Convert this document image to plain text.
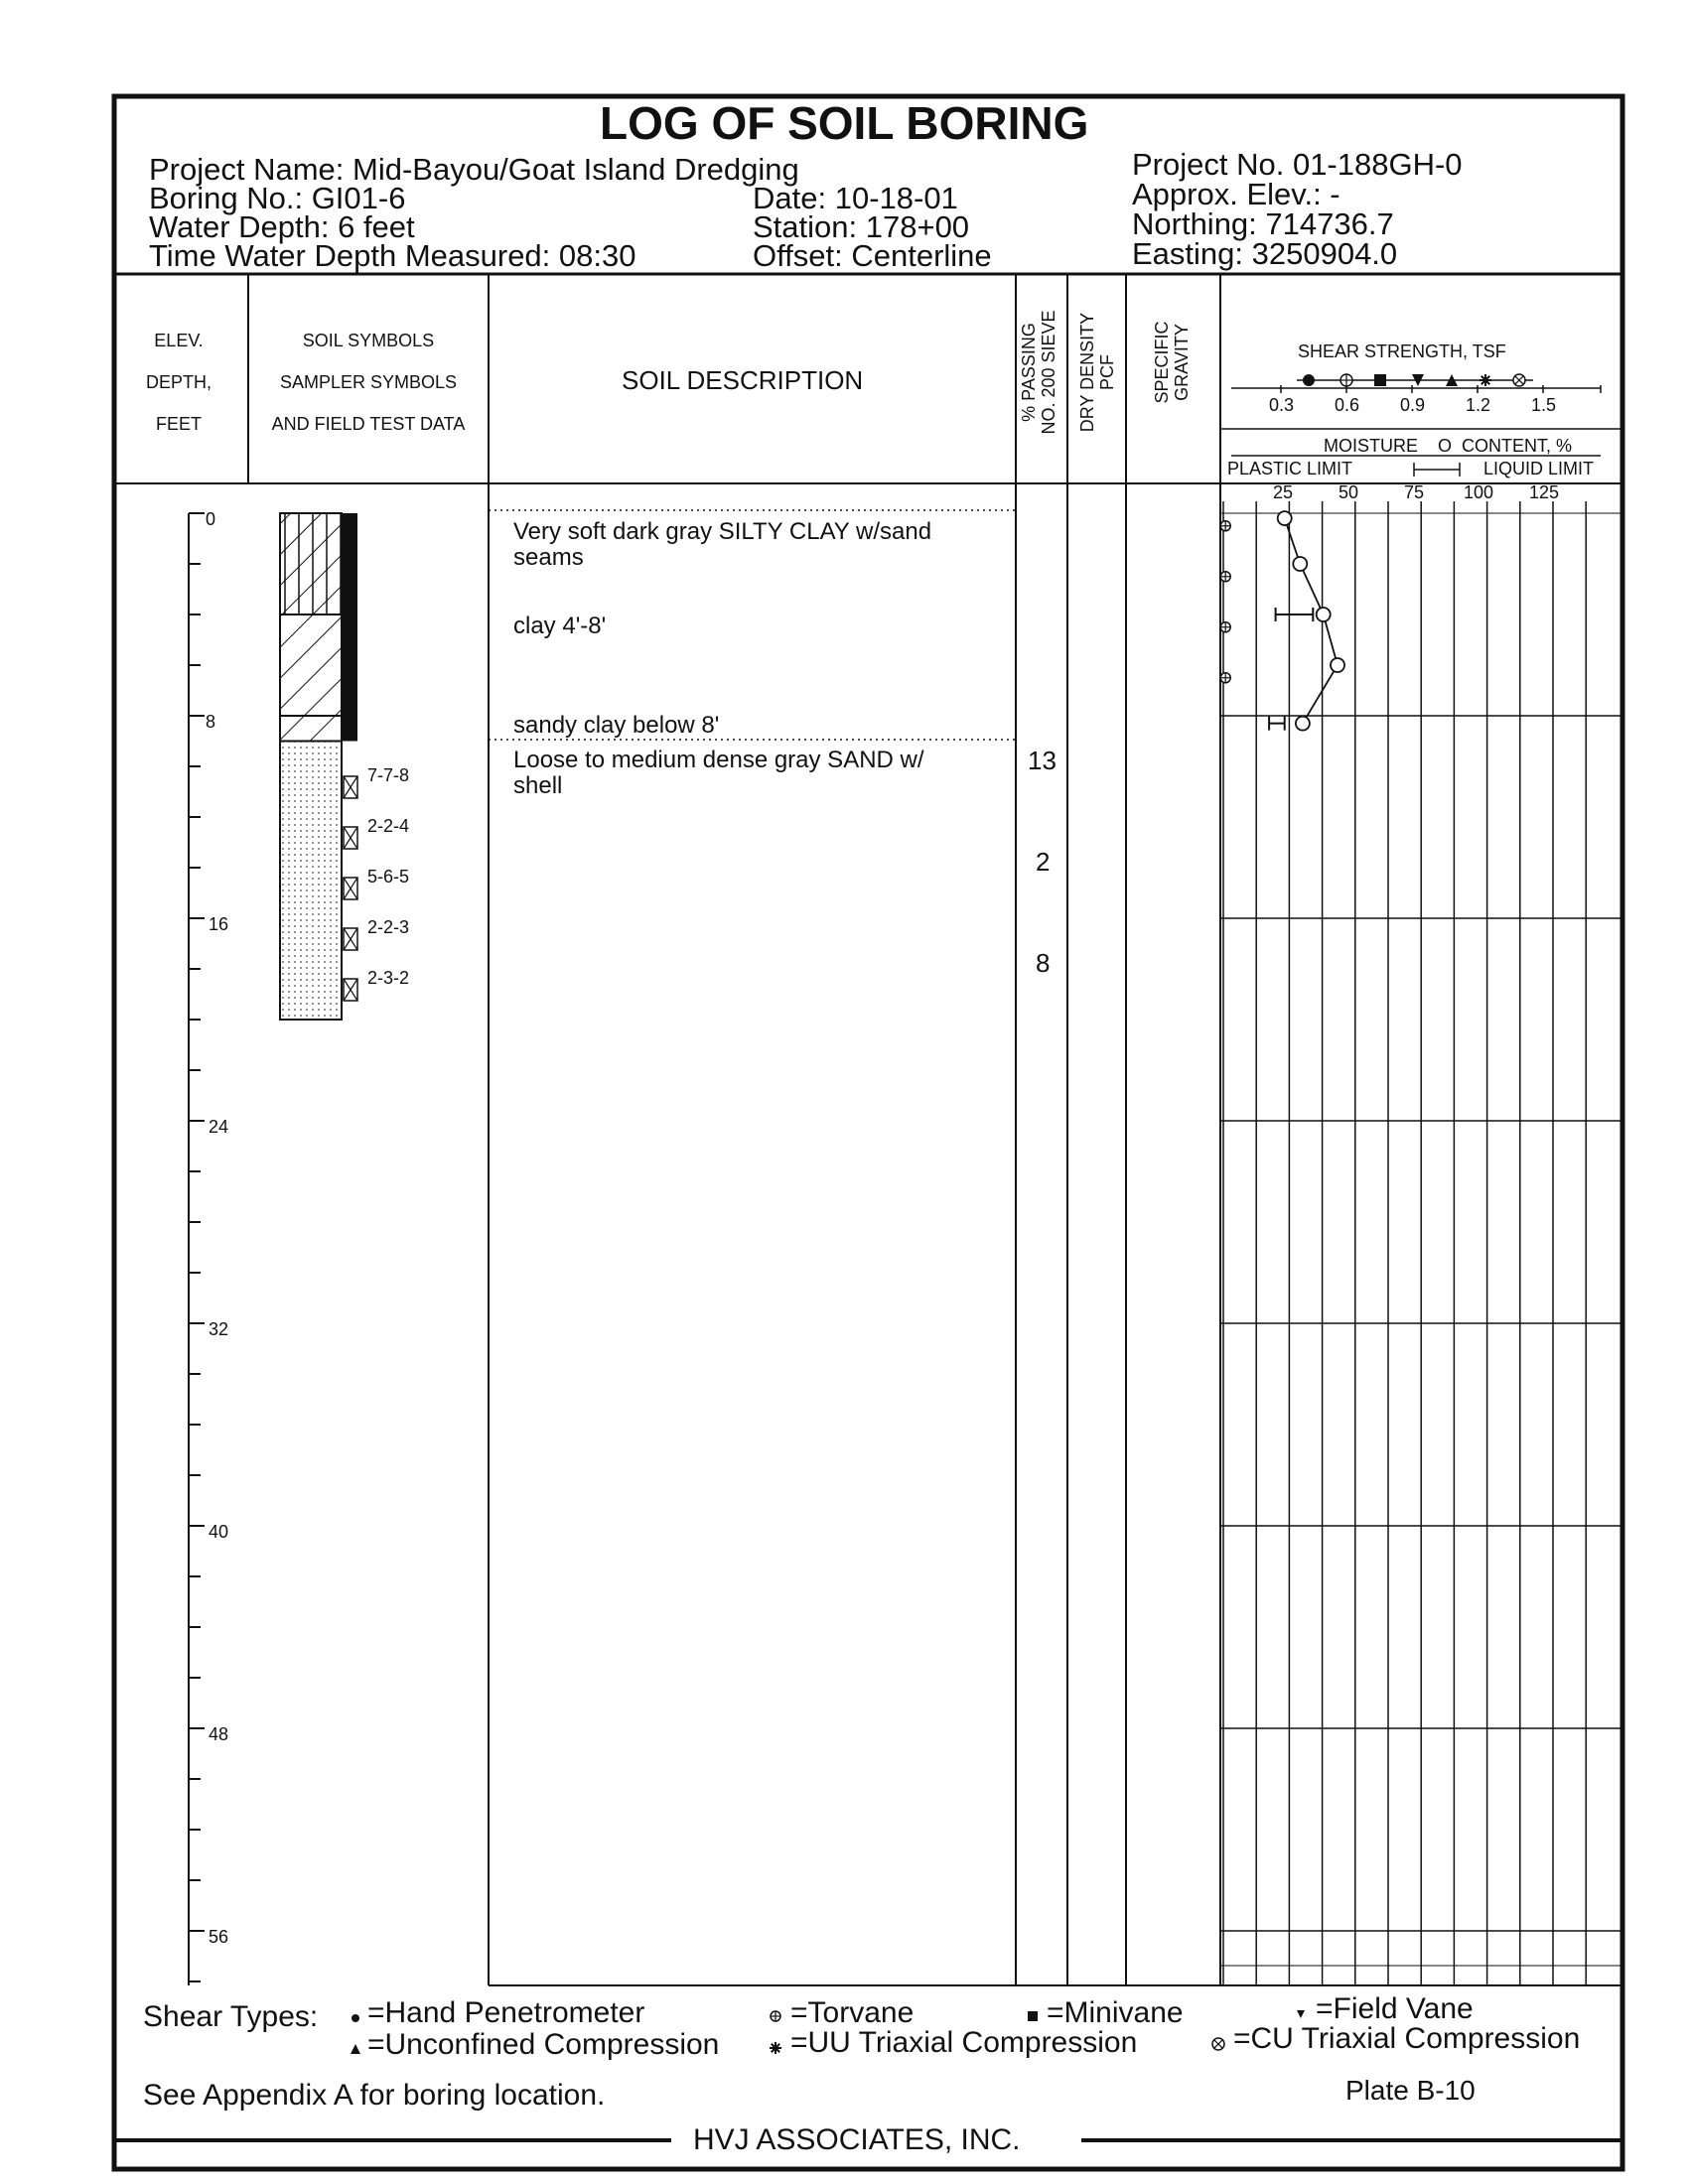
LOG OF SOIL BORING
Project Name: Mid-Bayou/Goat Island Dredging
Boring No.: GI01-6
Water Depth: 6 feet
Time Water Depth Measured: 08:30
Date: 10-18-01
Station: 178+00
Offset: Centerline
Project No. 01-188GH-0
Approx. Elev.: -
Northing: 714736.7
Easting: 3250904.0
ELEV.
DEPTH,
FEET
SOIL SYMBOLS
SAMPLER SYMBOLS
AND FIELD TEST DATA
SOIL DESCRIPTION	% PASSING NO. 200 SIEVE DRY DENSITY PCF SPECIFIC GRAVITY	SHEAR STRENGTH, TSF
0.3 0.6 0.9 1.2 1.5
MOISTURE    O  CONTENT, %
PLASTIC LIMIT	LIQUID LIMIT
25	50	75 100 125
0
8
16
24
32
40
48
56
7-7-8
2-2-4
5-6-5
2-2-3
2-3-2
Very soft dark gray SILTY CLAY w/sand
seams
clay 4'-8'
sandy clay below 8'
Loose to medium dense gray SAND w/
shell
13
2
8
Shear Types: =Hand Penetrometer	=Torvane	=Minivane	=Field Vane
=Unconfined Compression =UU Triaxial Compression	=CU Triaxial Compression
See Appendix A for boring location.	Plate B-10
HVJ ASSOCIATES, INC.
